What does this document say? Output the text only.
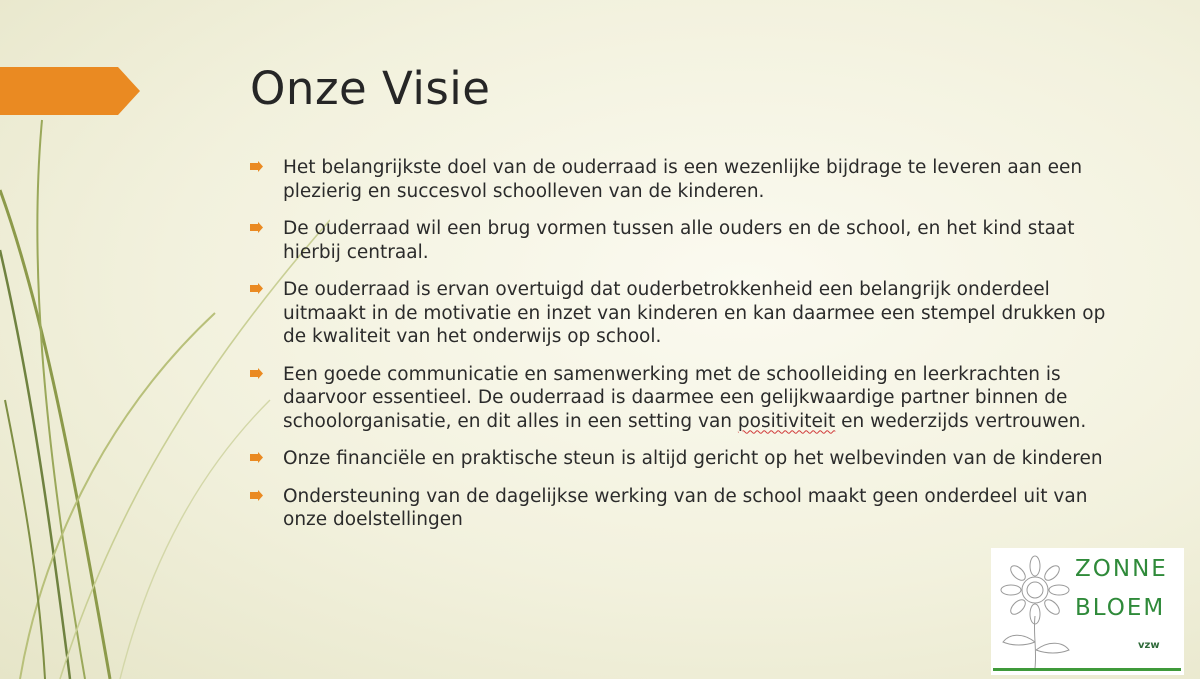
Onze Visie
Het belangrijkste doel van de ouderraad is een wezenlijke bijdrage te leveren aan een plezierig en succesvol schoolleven van de kinderen.
De ouderraad wil een brug vormen tussen alle ouders en de school, en het kind staat hierbij centraal.
De ouderraad is ervan overtuigd dat ouderbetrokkenheid een belangrijk onderdeel uitmaakt in de motivatie en inzet van kinderen en kan daarmee een stempel drukken op de kwaliteit van het onderwijs op school.
Een goede communicatie en samenwerking met de schoolleiding en leerkrachten is daarvoor essentieel. De ouderraad is daarmee een gelijkwaardige partner binnen de schoolorganisatie, en dit alles in een setting van positiviteit en wederzijds vertrouwen.
Onze financiële en praktische steun is altijd gericht op het welbevinden van de kinderen
Ondersteuning van de dagelijkse werking van de school maakt geen onderdeel uit van onze doelstellingen
ZONNE
BLOEM
vzw
